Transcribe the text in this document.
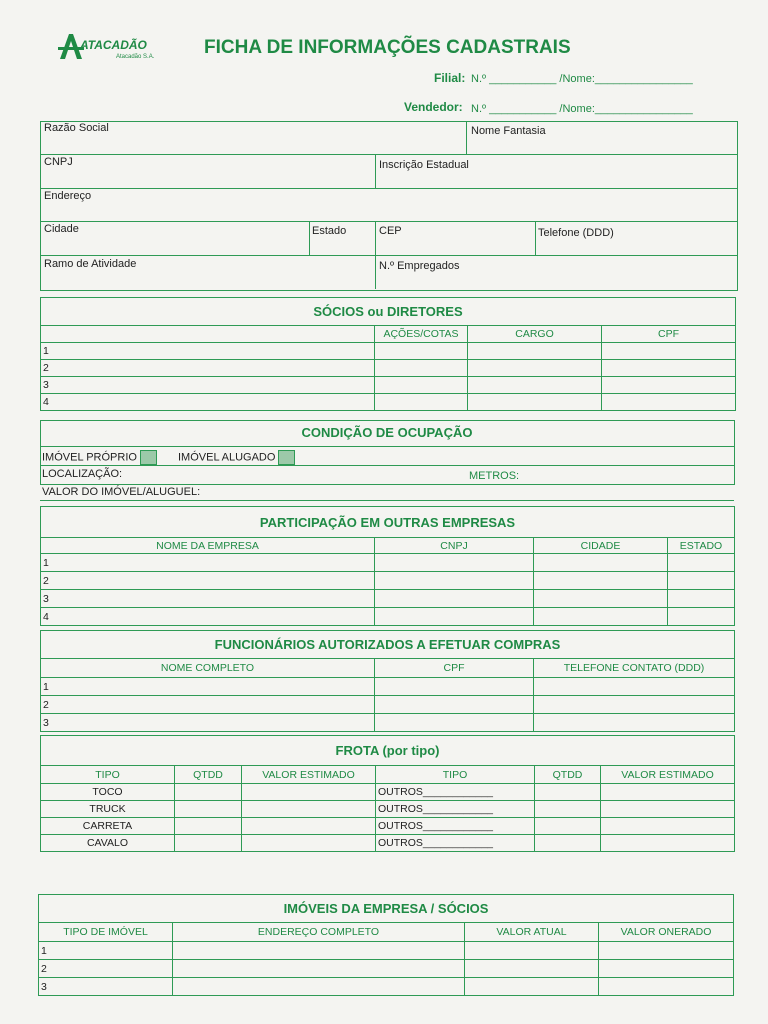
ATACADÃO
Atacadão S.A.	FICHA DE INFORMAÇÕES CADASTRAIS
Filial: N.º ___________ /Nome:________________
Vendedor: N.º ___________ /Nome:________________
Razão Social	Nome Fantasia
CNPJ	Inscrição Estadual
Endereço
Cidade	Estado	CEP	Telefone (DDD)
Ramo de Atividade	N.º Empregados
SÓCIOS ou DIRETORES			
	AÇÕES/COTAS	CARGO	CPF
1			
2			
3			
4			
CONDIÇÃO DE OCUPAÇÃO
IMÓVEL PRÓPRIO	IMÓVEL ALUGADO
LOCALIZAÇÃO:	METROS:
VALOR DO IMÓVEL/ALUGUEL:
PARTICIPAÇÃO EM OUTRAS EMPRESAS			
NOME DA EMPRESA	CNPJ	CIDADE	ESTADO
1			
2			
3			
4			
FUNCIONÁRIOS AUTORIZADOS A EFETUAR COMPRAS		
NOME COMPLETO	CPF	TELEFONE CONTATO (DDD)
1		
2		
3		
FROTA (por tipo)					
TIPO	QTDD	VALOR ESTIMADO	TIPO	QTDD	VALOR ESTIMADO
TOCO			OUTROS____________		
TRUCK			OUTROS____________		
CARRETA			OUTROS____________		
CAVALO			OUTROS____________		
IMÓVEIS DA EMPRESA / SÓCIOS			
TIPO DE IMÓVEL	ENDEREÇO COMPLETO	VALOR ATUAL	VALOR ONERADO
1			
2			
3			
